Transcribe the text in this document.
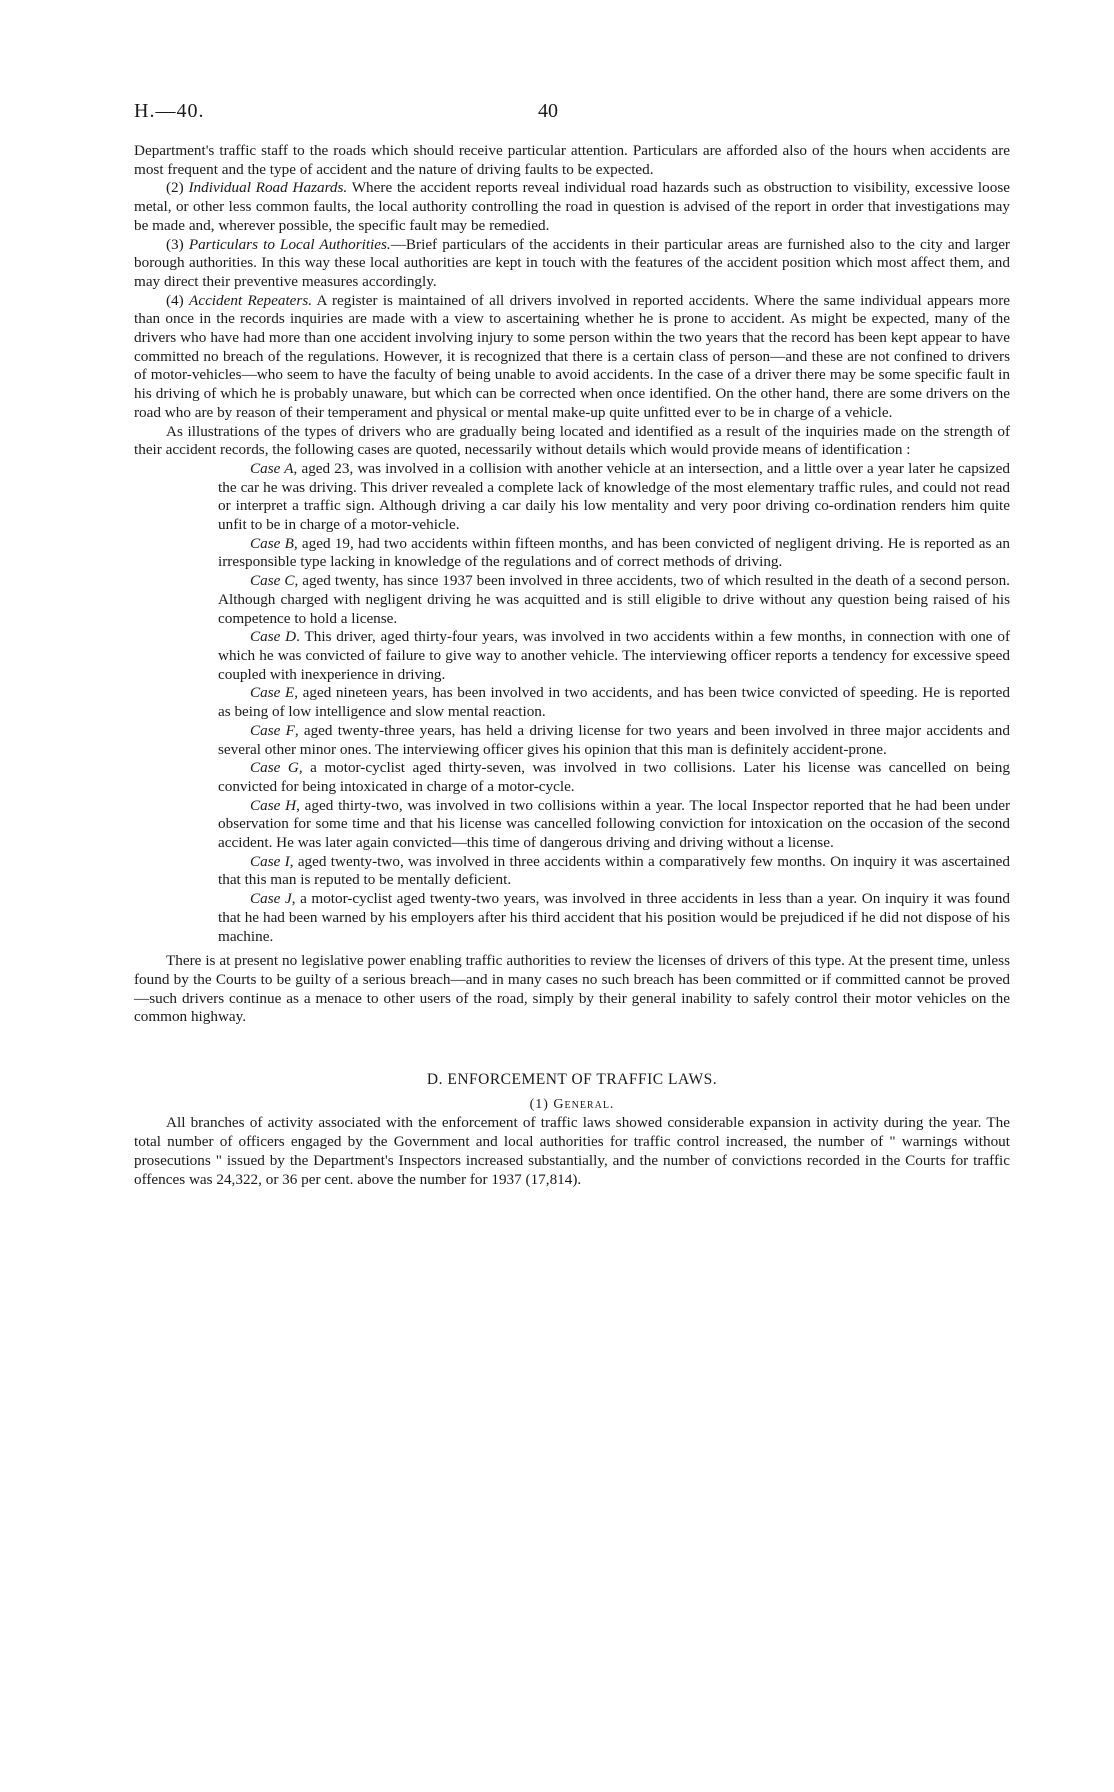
H.—40.	40

Department's traffic staff to the roads which should receive particular attention. Particulars are afforded also of the hours when accidents are most frequent and the type of accident and the nature of driving faults to be expected.

(2) Individual Road Hazards. Where the accident reports reveal individual road hazards such as obstruction to visibility, excessive loose metal, or other less common faults, the local authority controlling the road in question is advised of the report in order that investigations may be made and, wherever possible, the specific fault may be remedied.

(3) Particulars to Local Authorities.—Brief particulars of the accidents in their particular areas are furnished also to the city and larger borough authorities. In this way these local authorities are kept in touch with the features of the accident position which most affect them, and may direct their preventive measures accordingly.

(4) Accident Repeaters. A register is maintained of all drivers involved in reported accidents. Where the same individual appears more than once in the records inquiries are made with a view to ascertaining whether he is prone to accident. As might be expected, many of the drivers who have had more than one accident involving injury to some person within the two years that the record has been kept appear to have committed no breach of the regulations. However, it is recognized that there is a certain class of person—and these are not confined to drivers of motor-vehicles—who seem to have the faculty of being unable to avoid accidents. In the case of a driver there may be some specific fault in his driving of which he is probably unaware, but which can be corrected when once identified. On the other hand, there are some drivers on the road who are by reason of their temperament and physical or mental make-up quite unfitted ever to be in charge of a vehicle.

As illustrations of the types of drivers who are gradually being located and identified as a result of the inquiries made on the strength of their accident records, the following cases are quoted, necessarily without details which would provide means of identification :

Case A, aged 23, was involved in a collision with another vehicle at an intersection, and a little over a year later he capsized the car he was driving. This driver revealed a complete lack of knowledge of the most elementary traffic rules, and could not read or interpret a traffic sign. Although driving a car daily his low mentality and very poor driving co-ordination renders him quite unfit to be in charge of a motor-vehicle.

Case B, aged 19, had two accidents within fifteen months, and has been convicted of negligent driving. He is reported as an irresponsible type lacking in knowledge of the regulations and of correct methods of driving.

Case C, aged twenty, has since 1937 been involved in three accidents, two of which resulted in the death of a second person. Although charged with negligent driving he was acquitted and is still eligible to drive without any question being raised of his competence to hold a license.

Case D. This driver, aged thirty-four years, was involved in two accidents within a few months, in connection with one of which he was convicted of failure to give way to another vehicle. The interviewing officer reports a tendency for excessive speed coupled with inexperience in driving.

Case E, aged nineteen years, has been involved in two accidents, and has been twice convicted of speeding. He is reported as being of low intelligence and slow mental reaction.

Case F, aged twenty-three years, has held a driving license for two years and been involved in three major accidents and several other minor ones. The interviewing officer gives his opinion that this man is definitely accident-prone.

Case G, a motor-cyclist aged thirty-seven, was involved in two collisions. Later his license was cancelled on being convicted for being intoxicated in charge of a motor-cycle.

Case H, aged thirty-two, was involved in two collisions within a year. The local Inspector reported that he had been under observation for some time and that his license was cancelled following conviction for intoxication on the occasion of the second accident. He was later again convicted—this time of dangerous driving and driving without a license.

Case I, aged twenty-two, was involved in three accidents within a comparatively few months. On inquiry it was ascertained that this man is reputed to be mentally deficient.

Case J, a motor-cyclist aged twenty-two years, was involved in three accidents in less than a year. On inquiry it was found that he had been warned by his employers after his third accident that his position would be prejudiced if he did not dispose of his machine.

There is at present no legislative power enabling traffic authorities to review the licenses of drivers of this type. At the present time, unless found by the Courts to be guilty of a serious breach—and in many cases no such breach has been committed or if committed cannot be proved—such drivers continue as a menace to other users of the road, simply by their general inability to safely control their motor vehicles on the common highway.

D. ENFORCEMENT OF TRAFFIC LAWS.

(1) General.

All branches of activity associated with the enforcement of traffic laws showed considerable expansion in activity during the year. The total number of officers engaged by the Government and local authorities for traffic control increased, the number of " warnings without prosecutions " issued by the Department's Inspectors increased substantially, and the number of convictions recorded in the Courts for traffic offences was 24,322, or 36 per cent. above the number for 1937 (17,814).
